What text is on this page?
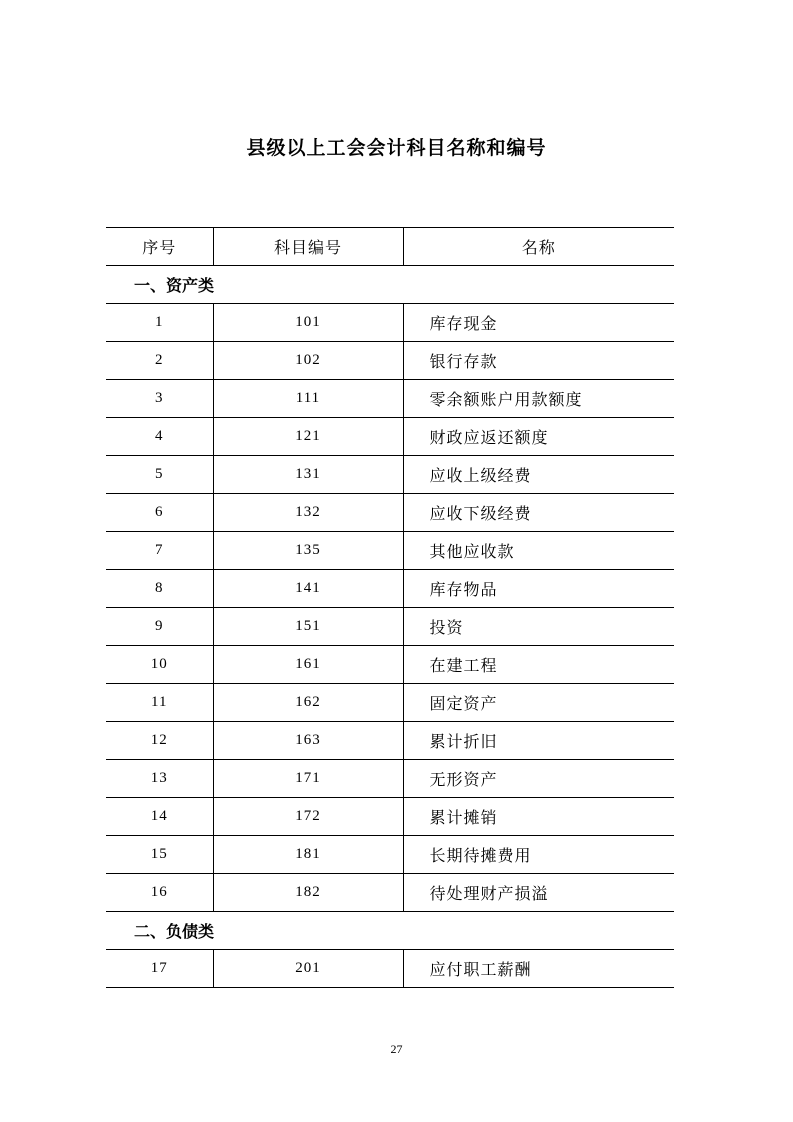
县级以上工会会计科目名称和编号
序号	科目编号	名称
一、资产类		
1	101	库存现金
2	102	银行存款
3	111	零余额账户用款额度
4	121	财政应返还额度
5	131	应收上级经费
6	132	应收下级经费
7	135	其他应收款
8	141	库存物品
9	151	投资
10	161	在建工程
11	162	固定资产
12	163	累计折旧
13	171	无形资产
14	172	累计摊销
15	181	长期待摊费用
16	182	待处理财产损溢
二、负债类		
17	201	应付职工薪酬
27
